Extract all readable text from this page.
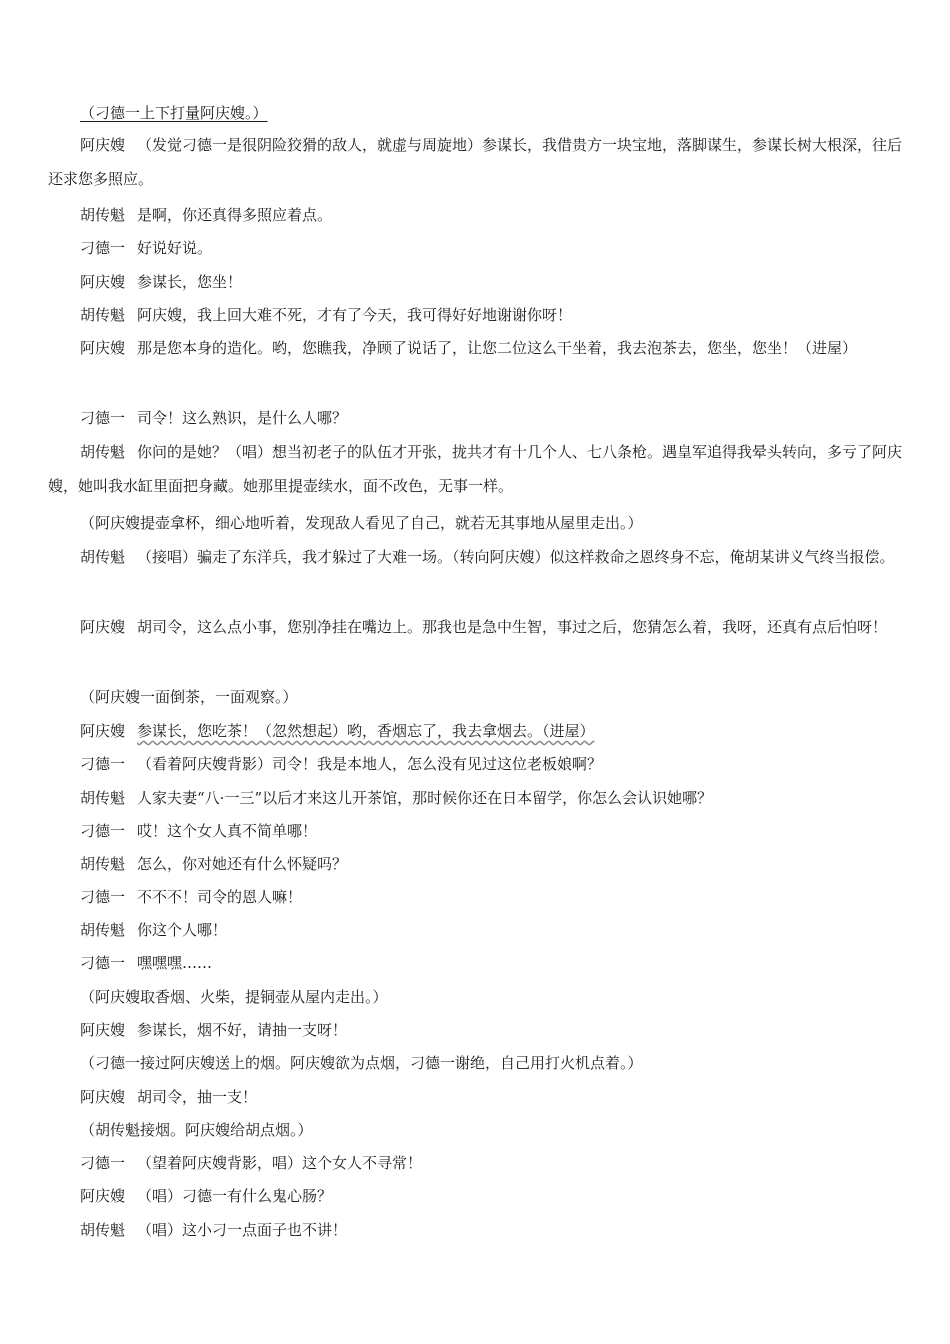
（刁德一上下打量阿庆嫂。）

阿庆嫂 （发觉刁德一是很阴险狡猾的敌人，就虚与周旋地）参谋长，我借贵方一块宝地，落脚谋生，参谋长树大根深，往后还求您多照应。

胡传魁 是啊，你还真得多照应着点。

刁德一 好说好说。

阿庆嫂 参谋长，您坐！

胡传魁 阿庆嫂，我上回大难不死，才有了今天，我可得好好地谢谢你呀！

阿庆嫂 那是您本身的造化。哟，您瞧我，净顾了说话了，让您二位这么干坐着，我去泡茶去，您坐，您坐！（进屋）

刁德一 司令！这么熟识，是什么人哪？

胡传魁 你问的是她？（唱）想当初老子的队伍才开张，拢共才有十几个人、七八条枪。遇皇军追得我晕头转向，多亏了阿庆嫂，她叫我水缸里面把身藏。她那里提壶续水，面不改色，无事一样。

（阿庆嫂提壶拿杯，细心地听着，发现敌人看见了自己，就若无其事地从屋里走出。）

胡传魁 （接唱）骗走了东洋兵，我才躲过了大难一场。（转向阿庆嫂）似这样救命之恩终身不忘，俺胡某讲义气终当报偿。

阿庆嫂 胡司令，这么点小事，您别净挂在嘴边上。那我也是急中生智，事过之后，您猜怎么着，我呀，还真有点后怕呀！

（阿庆嫂一面倒茶，一面观察。）

阿庆嫂 参谋长，您吃茶！（忽然想起）哟，香烟忘了，我去拿烟去。（进屋）

刁德一 （看着阿庆嫂背影）司令！我是本地人，怎么没有见过这位老板娘啊？

胡传魁 人家夫妻“八·一三”以后才来这儿开茶馆，那时候你还在日本留学，你怎么会认识她哪？

刁德一 哎！这个女人真不简单哪！

胡传魁 怎么，你对她还有什么怀疑吗？

刁德一 不不不！司令的恩人嘛！

胡传魁 你这个人哪！

刁德一 嘿嘿嘿……

（阿庆嫂取香烟、火柴，提铜壶从屋内走出。）

阿庆嫂 参谋长，烟不好，请抽一支呀！

（刁德一接过阿庆嫂送上的烟。阿庆嫂欲为点烟，刁德一谢绝，自己用打火机点着。）

阿庆嫂 胡司令，抽一支！

（胡传魁接烟。阿庆嫂给胡点烟。）

刁德一 （望着阿庆嫂背影，唱）这个女人不寻常！

阿庆嫂 （唱）刁德一有什么鬼心肠？

胡传魁 （唱）这小刁一点面子也不讲！
